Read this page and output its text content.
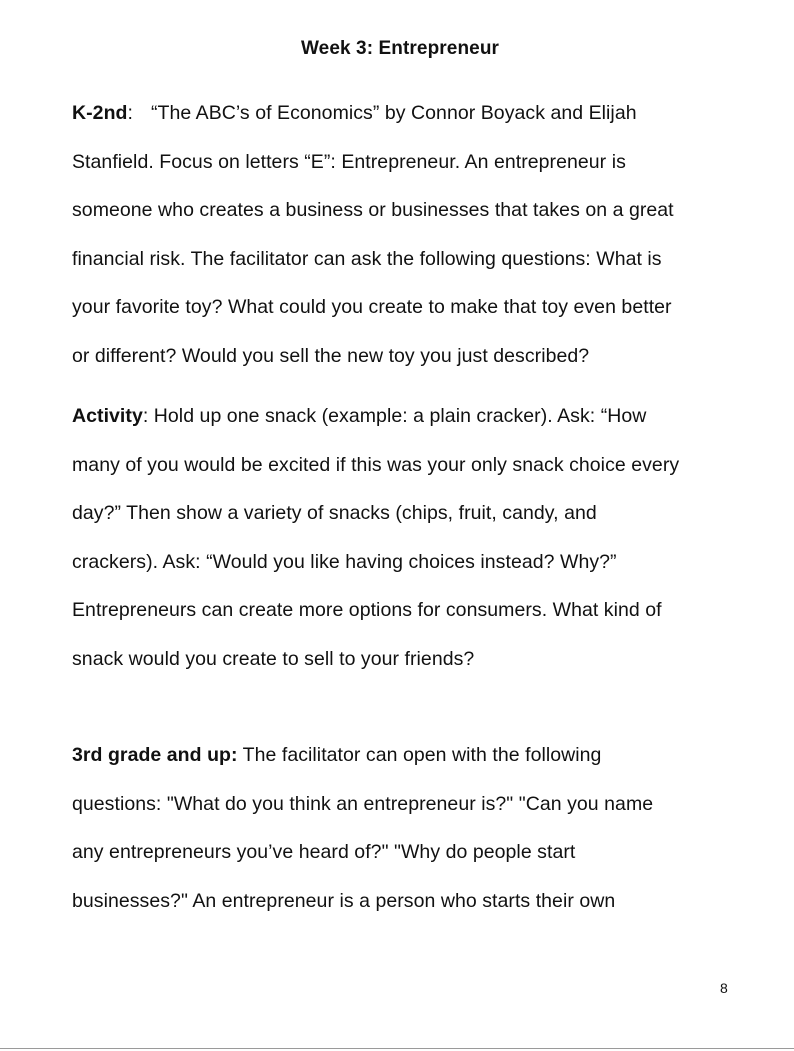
Week 3: Entrepreneur
K-2nd: “The ABC’s of Economics” by Connor Boyack and Elijah
Stanfield. Focus on letters “E”: Entrepreneur. An entrepreneur is
someone who creates a business or businesses that takes on a great
financial risk. The facilitator can ask the following questions: What is
your favorite toy? What could you create to make that toy even better
or different? Would you sell the new toy you just described?
Activity: Hold up one snack (example: a plain cracker). Ask: “How
many of you would be excited if this was your only snack choice every
day?” Then show a variety of snacks (chips, fruit, candy, and
crackers). Ask: “Would you like having choices instead? Why?”
Entrepreneurs can create more options for consumers. What kind of
snack would you create to sell to your friends?
3rd grade and up: The facilitator can open with the following
questions: "What do you think an entrepreneur is?" "Can you name
any entrepreneurs you’ve heard of?" "Why do people start
businesses?" An entrepreneur is a person who starts their own
8
